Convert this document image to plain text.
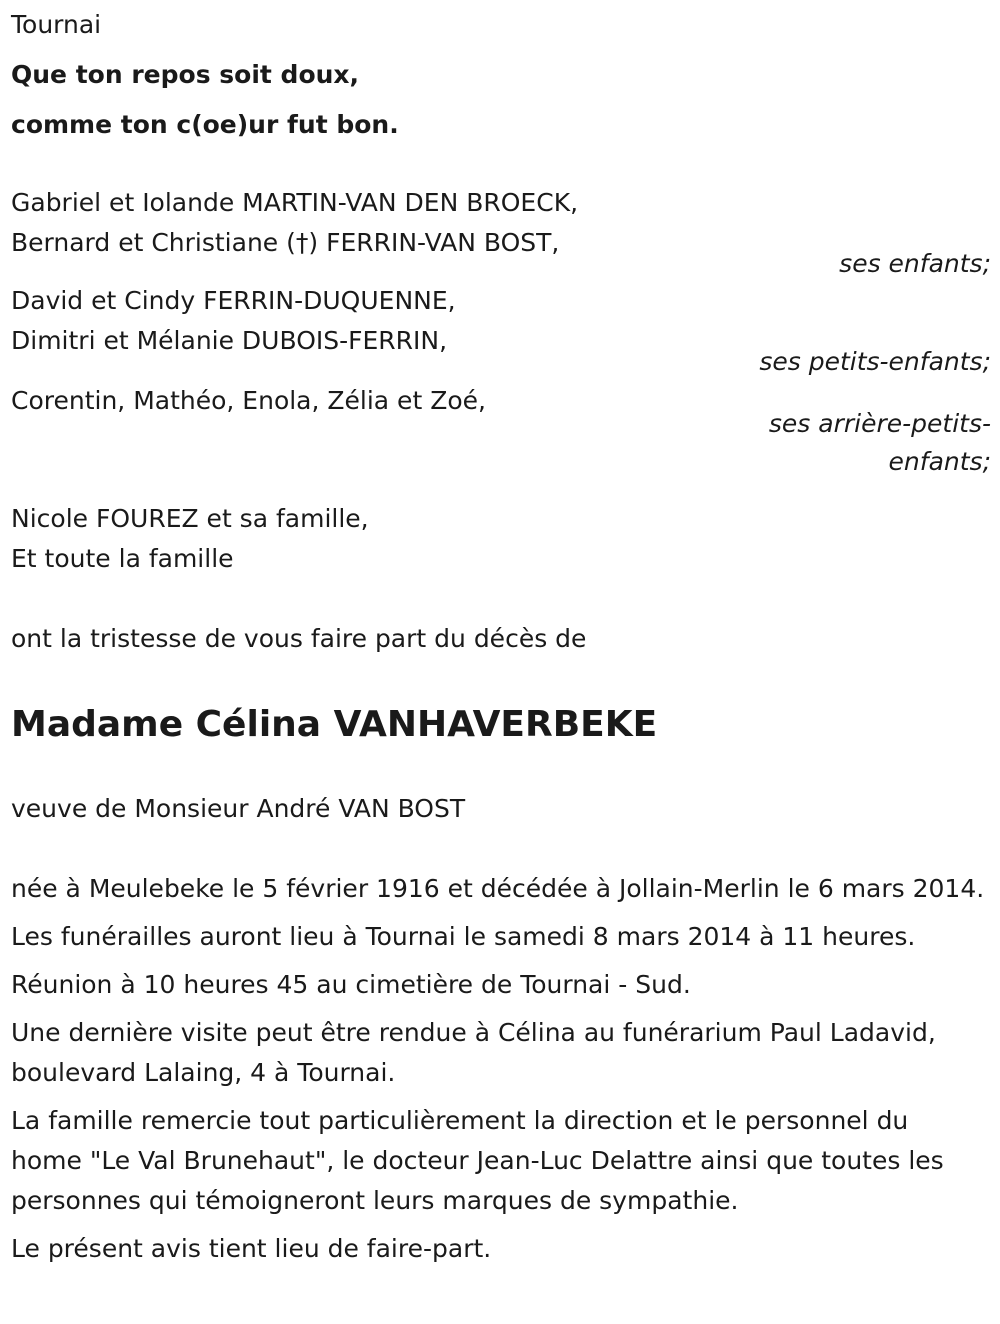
Tournai
Que ton repos soit doux,
comme ton c(oe)ur fut bon.
Gabriel et Iolande MARTIN-VAN DEN BROECK,
Bernard et Christiane (†) FERRIN-VAN BOST,
ses enfants;
David et Cindy FERRIN-DUQUENNE,
Dimitri et Mélanie DUBOIS-FERRIN,
ses petits-enfants;
Corentin, Mathéo, Enola, Zélia et Zoé,
ses arrière-petits-
enfants;
Nicole FOUREZ et sa famille,
Et toute la famille
ont la tristesse de vous faire part du décès de
Madame Célina VANHAVERBEKE
veuve de Monsieur André VAN BOST
née à Meulebeke le 5 février 1916 et décédée à Jollain-Merlin le 6 mars 2014.
Les funérailles auront lieu à Tournai le samedi 8 mars 2014 à 11 heures.
Réunion à 10 heures 45 au cimetière de Tournai - Sud.
Une dernière visite peut être rendue à Célina au funérarium Paul Ladavid, boulevard Lalaing, 4 à Tournai.
La famille remercie tout particulièrement la direction et le personnel du home "Le Val Brunehaut", le docteur Jean-Luc Delattre ainsi que toutes les personnes qui témoigneront leurs marques de sympathie.
Le présent avis tient lieu de faire-part.
